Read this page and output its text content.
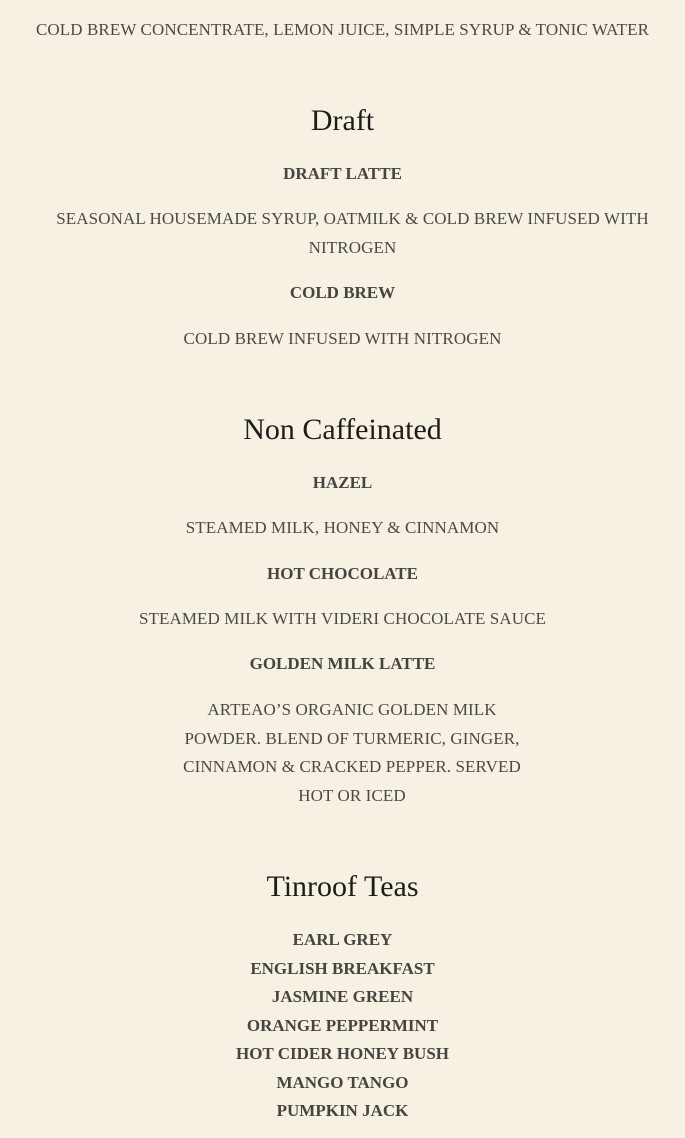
COLD BREW CONCENTRATE, LEMON JUICE, SIMPLE SYRUP & TONIC WATER

Draft

DRAFT LATTE

SEASONAL HOUSEMADE SYRUP, OATMILK & COLD BREW INFUSED WITH NITROGEN

COLD BREW

COLD BREW INFUSED WITH NITROGEN

Non Caffeinated

HAZEL

STEAMED MILK, HONEY & CINNAMON

HOT CHOCOLATE

STEAMED MILK WITH VIDERI CHOCOLATE SAUCE

GOLDEN MILK LATTE

ARTEAO’S ORGANIC GOLDEN MILK POWDER. BLEND OF TURMERIC, GINGER, CINNAMON & CRACKED PEPPER. SERVED HOT OR ICED

Tinroof Teas

EARL GREY

ENGLISH BREAKFAST

JASMINE GREEN

ORANGE PEPPERMINT

HOT CIDER HONEY BUSH

MANGO TANGO

PUMPKIN JACK
